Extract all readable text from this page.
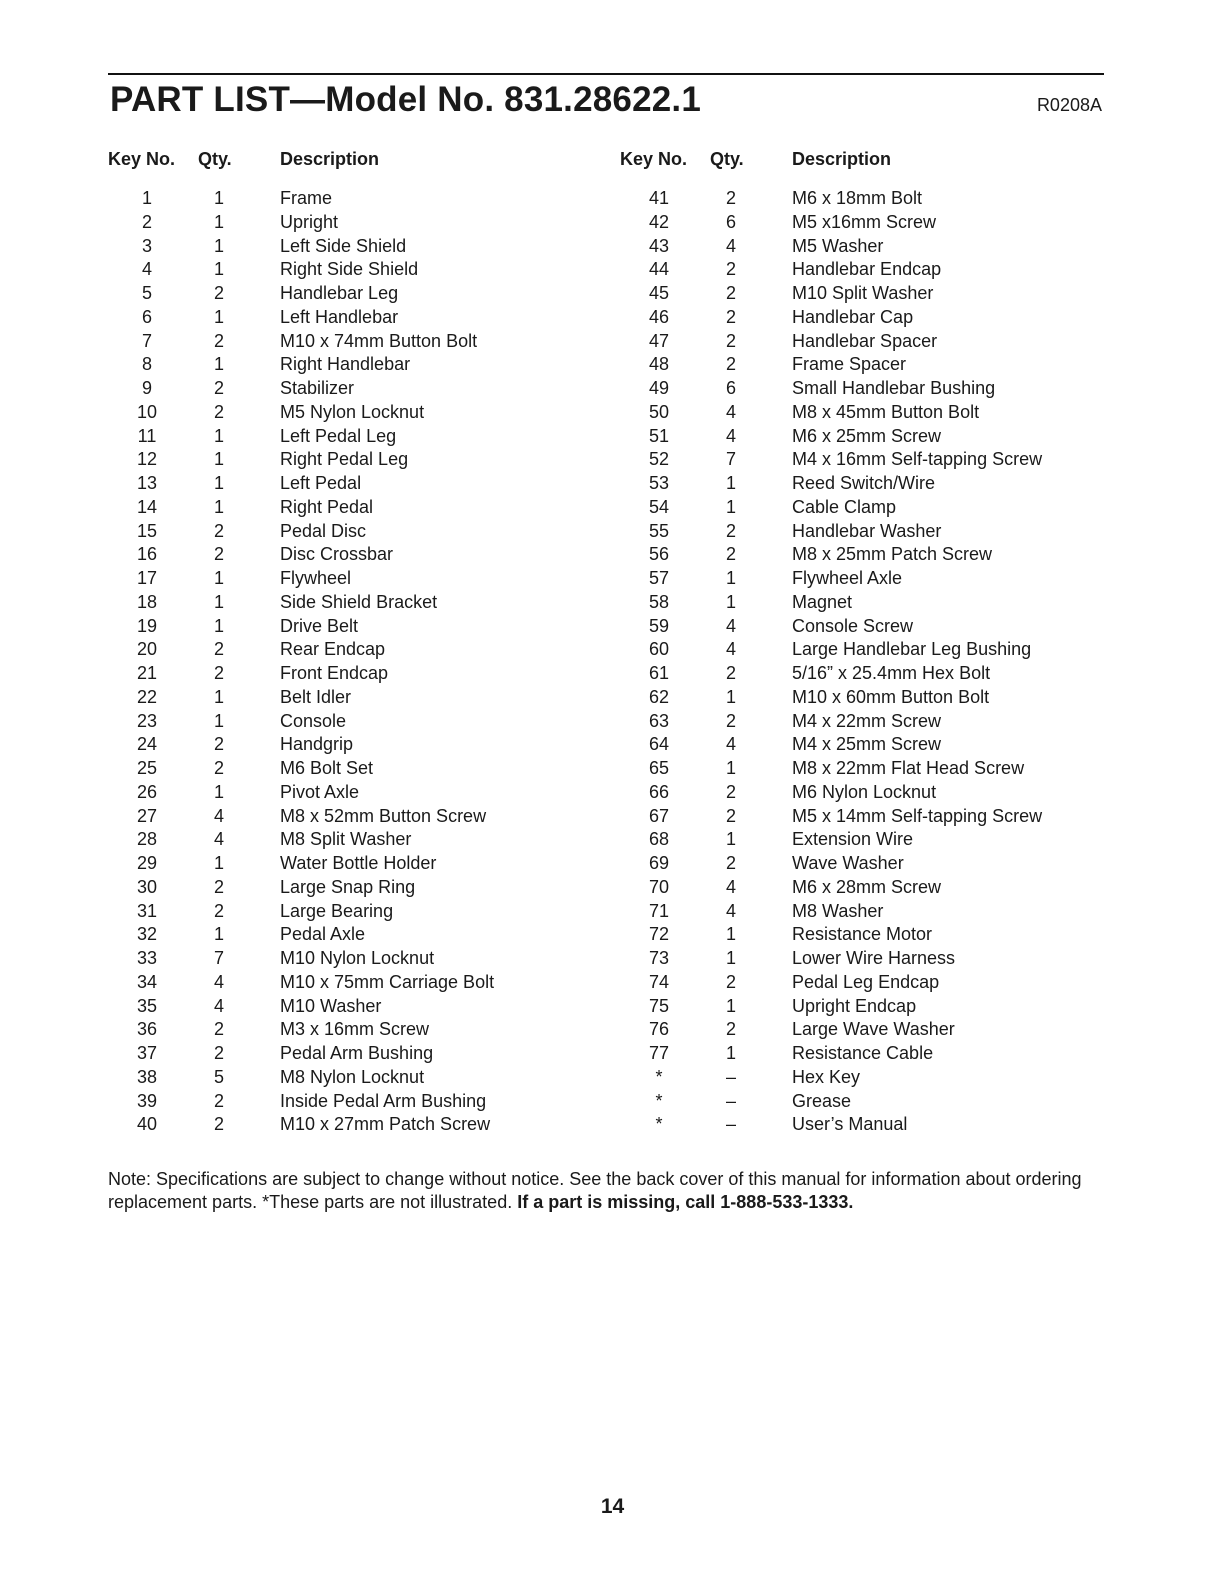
PART LIST—Model No. 831.28622.1	R0208A
Key No.	Qty.	Description
1	1	Frame
2	1	Upright
3	1	Left Side Shield
4	1	Right Side Shield
5	2	Handlebar Leg
6	1	Left Handlebar
7	2	M10 x 74mm Button Bolt
8	1	Right Handlebar
9	2	Stabilizer
10	2	M5 Nylon Locknut
11	1	Left Pedal Leg
12	1	Right Pedal Leg
13	1	Left Pedal
14	1	Right Pedal
15	2	Pedal Disc
16	2	Disc Crossbar
17	1	Flywheel
18	1	Side Shield Bracket
19	1	Drive Belt
20	2	Rear Endcap
21	2	Front Endcap
22	1	Belt Idler
23	1	Console
24	2	Handgrip
25	2	M6 Bolt Set
26	1	Pivot Axle
27	4	M8 x 52mm Button Screw
28	4	M8 Split Washer
29	1	Water Bottle Holder
30	2	Large Snap Ring
31	2	Large Bearing
32	1	Pedal Axle
33	7	M10 Nylon Locknut
34	4	M10 x 75mm Carriage Bolt
35	4	M10 Washer
36	2	M3 x 16mm Screw
37	2	Pedal Arm Bushing
38	5	M8 Nylon Locknut
39	2	Inside Pedal Arm Bushing
40	2	M10 x 27mm Patch Screw
Key No.	Qty.	Description
41	2	M6 x 18mm Bolt
42	6	M5 x16mm Screw
43	4	M5 Washer
44	2	Handlebar Endcap
45	2	M10 Split Washer
46	2	Handlebar Cap
47	2	Handlebar Spacer
48	2	Frame Spacer
49	6	Small Handlebar Bushing
50	4	M8 x 45mm Button Bolt
51	4	M6 x 25mm Screw
52	7	M4 x 16mm Self-tapping Screw
53	1	Reed Switch/Wire
54	1	Cable Clamp
55	2	Handlebar Washer
56	2	M8 x 25mm Patch Screw
57	1	Flywheel Axle
58	1	Magnet
59	4	Console Screw
60	4	Large Handlebar Leg Bushing
61	2	5/16” x 25.4mm Hex Bolt
62	1	M10 x 60mm Button Bolt
63	2	M4 x 22mm Screw
64	4	M4 x 25mm Screw
65	1	M8 x 22mm Flat Head Screw
66	2	M6 Nylon Locknut
67	2	M5 x 14mm Self-tapping Screw
68	1	Extension Wire
69	2	Wave Washer
70	4	M6 x 28mm Screw
71	4	M8 Washer
72	1	Resistance Motor
73	1	Lower Wire Harness
74	2	Pedal Leg Endcap
75	1	Upright Endcap
76	2	Large Wave Washer
77	1	Resistance Cable
*	–	Hex Key
*	–	Grease
*	–	User’s Manual
Note: Specifications are subject to change without notice. See the back cover of this manual for information about ordering replacement parts. *These parts are not illustrated. If a part is missing, call 1-888-533-1333.
14
